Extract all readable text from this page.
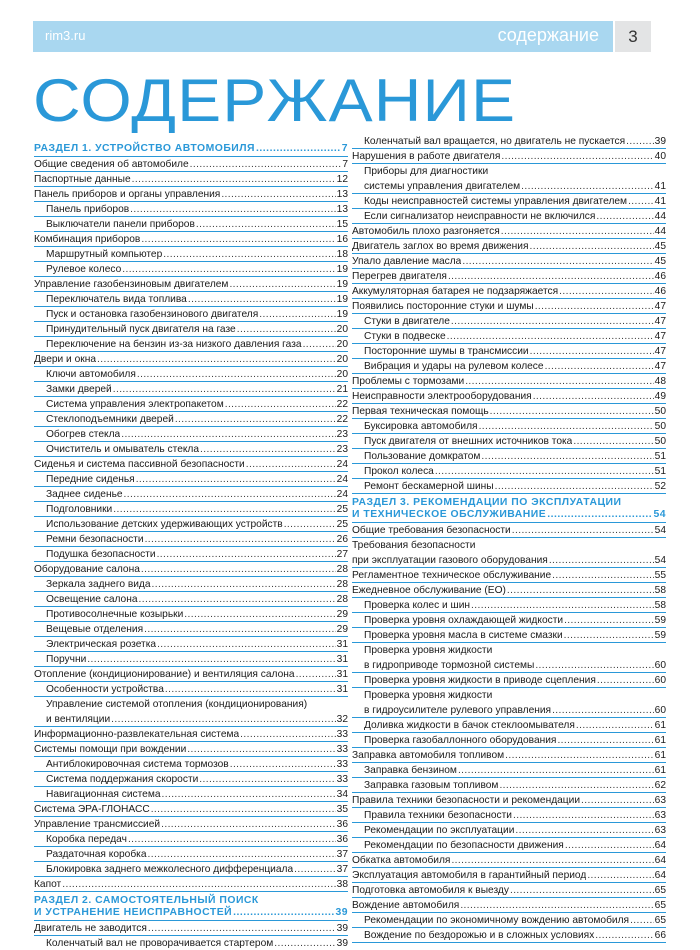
rim3.ru	содержание	3
СОДЕРЖАНИЕ
РАЗДЕЛ 1. УСТРОЙСТВО АВТОМОБИЛЯ .....	7
Общие сведения об автомобиле .....	7
Паспортные данные .....	12
Панель приборов и органы управления .....	13
Панель приборов .....	13
Выключатели панели приборов .....	15
Комбинация приборов .....	16
Маршрутный компьютер .....	18
Рулевое колесо .....	19
Управление газобензиновым двигателем .....	19
Переключатель вида топлива .....	19
Пуск и остановка газобензинового двигателя .....	19
Принудительный пуск двигателя на газе .....	20
Переключение на бензин из-за низкого давления газа .....	20
Двери и окна .....	20
Ключи автомобиля .....	20
Замки дверей .....	21
Система управления электропакетом .....	22
Стеклоподъемники дверей .....	22
Обогрев стекла .....	23
Очиститель и омыватель стекла .....	23
Сиденья и система пассивной безопасности .....	24
Передние сиденья .....	24
Заднее сиденье .....	24
Подголовники .....	25
Использование детских удерживающих устройств .....	25
Ремни безопасности .....	26
Подушка безопасности .....	27
Оборудование салона .....	28
Зеркала заднего вида .....	28
Освещение салона .....	28
Противосолнечные козырьки .....	29
Вещевые отделения .....	29
Электрическая розетка .....	31
Поручни .....	31
Отопление (кондиционирование) и вентиляция салона .....	31
Особенности устройства .....	31
Управление системой отопления (кондиционирования)
и вентиляции .....	32
Информационно-развлекательная система .....	33
Системы помощи при вождении .....	33
Антиблокировочная система тормозов .....	33
Система поддержания скорости .....	33
Навигационная система .....	34
Система ЭРА-ГЛОНАСС .....	35
Управление трансмиссией .....	36
Коробка передач .....	36
Раздаточная коробка .....	37
Блокировка заднего межколесного дифференциала .....	37
Капот .....	38
РАЗДЕЛ 2. САМОСТОЯТЕЛЬНЫЙ ПОИСК
И УСТРАНЕНИЕ НЕИСПРАВНОСТЕЙ .....	39
Двигатель не заводится .....	39
Коленчатый вал не проворачивается стартером .....	39
Коленчатый вал вращается, но двигатель не пускается .....	39
Нарушения в работе двигателя .....	40
Приборы для диагностики
системы управления двигателем .....	41
Коды неисправностей системы управления двигателем .....	41
Если сигнализатор неисправности не включился .....	44
Автомобиль плохо разгоняется .....	44
Двигатель заглох во время движения .....	45
Упало давление масла .....	45
Перегрев двигателя .....	46
Аккумуляторная батарея не подзаряжается .....	46
Появились посторонние стуки и шумы .....	47
Стуки в двигателе .....	47
Стуки в подвеске .....	47
Посторонние шумы в трансмиссии .....	47
Вибрация и удары на рулевом колесе .....	47
Проблемы с тормозами .....	48
Неисправности электрооборудования .....	49
Первая техническая помощь .....	50
Буксировка автомобиля .....	50
Пуск двигателя от внешних источников тока .....	50
Пользование домкратом .....	51
Прокол колеса .....	51
Ремонт бескамерной шины .....	52
РАЗДЕЛ 3. РЕКОМЕНДАЦИИ ПО ЭКСПЛУАТАЦИИ
И ТЕХНИЧЕСКОЕ ОБСЛУЖИВАНИЕ .....	54
Общие требования безопасности .....	54
Требования безопасности
при эксплуатации газового оборудования .....	54
Регламентное техническое обслуживание .....	55
Ежедневное обслуживание (ЕО) .....	58
Проверка колес и шин .....	58
Проверка уровня охлаждающей жидкости .....	59
Проверка уровня масла в системе смазки .....	59
Проверка уровня жидкости
в гидроприводе тормозной системы .....	60
Проверка уровня жидкости в приводе сцепления .....	60
Проверка уровня жидкости
в гидроусилителе рулевого управления .....	60
Доливка жидкости в бачок стеклоомывателя .....	61
Проверка газобаллонного оборудования .....	61
Заправка автомобиля топливом .....	61
Заправка бензином .....	61
Заправка газовым топливом .....	62
Правила техники безопасности и рекомендации .....	63
Правила техники безопасности .....	63
Рекомендации по эксплуатации .....	63
Рекомендации по безопасности движения .....	64
Обкатка автомобиля .....	64
Эксплуатация автомобиля в гарантийный период .....	64
Подготовка автомобиля к выезду .....	65
Вождение автомобиля .....	65
Рекомендации по экономичному вождению автомобиля .....	65
Вождение по бездорожью и в сложных условиях .....	66
